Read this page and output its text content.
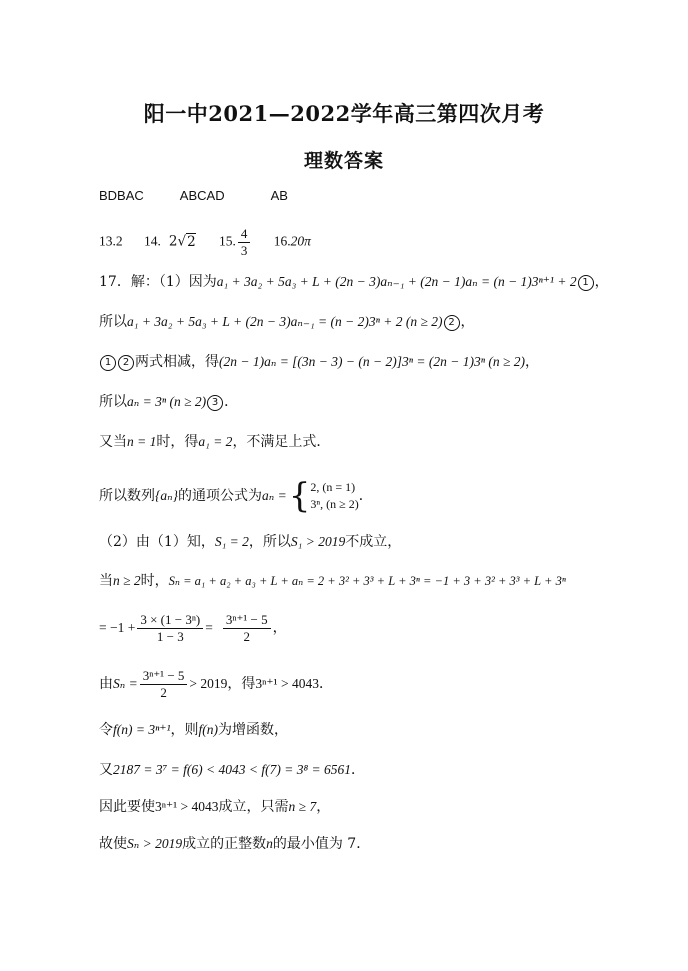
阳一中2021—2022学年高三第四次月考
理数答案
BDBAC	ABCAD	AB
13.2 14. 2√2 15. $\frac{4}{3} 16.20\pi$
17．解：（1）因为a₁ + 3a₂ + 5a₃ + L + (2n − 3)aₙ₋₁ + (2n − 1)aₙ = (n − 1)3ⁿ⁺¹ + 2 1 ，
所以a₁ + 3a₂ + 5a₃ + L + (2n − 3)aₙ₋₁ = (n − 2)3ⁿ + 2 (n ≥ 2) 2 ，
1 2 两式相减，得(2n − 1)aₙ = [(3n − 3) − (n − 2)]3ⁿ = (2n − 1)3ⁿ (n ≥ 2)，
所以aₙ = 3ⁿ (n ≥ 2) 3 ．
又当n = 1时，得a₁ = 2，不满足上式．
所以数列{aₙ}的通项公式为aₙ ={ 2, (n = 1)
3ⁿ, (n ≥ 2) ．
（2）由（1）知，S₁ = 2，所以S₁ > 2019不成立，
当n ≥ 2时，Sₙ = a₁ + a₂ + a₃ + L + aₙ = 2 + 3² + 3³ + L + 3ⁿ = −1 + 3 + 3² + 3³ + L + 3ⁿ
= $-1 + \frac{\text{3 × (1 − 3ⁿ)}}{1 - 3} = \frac{\text{3ⁿ⁺¹ − 5}}{2}$ ，
由$S_n = \frac{\text{3ⁿ⁺¹ − 5}}{2} > 2019$，得3ⁿ⁺¹ > 4043．
令f(n) = 3ⁿ⁺¹，则f(n)为增函数，
又2187 = 3⁷ = f(6) < 4043 < f(7) = 3⁸ = 6561．
因此要使3ⁿ⁺¹ > 4043成立，只需n ≥ 7，
故使Sₙ > 2019成立的正整数n的最小值为 7．
